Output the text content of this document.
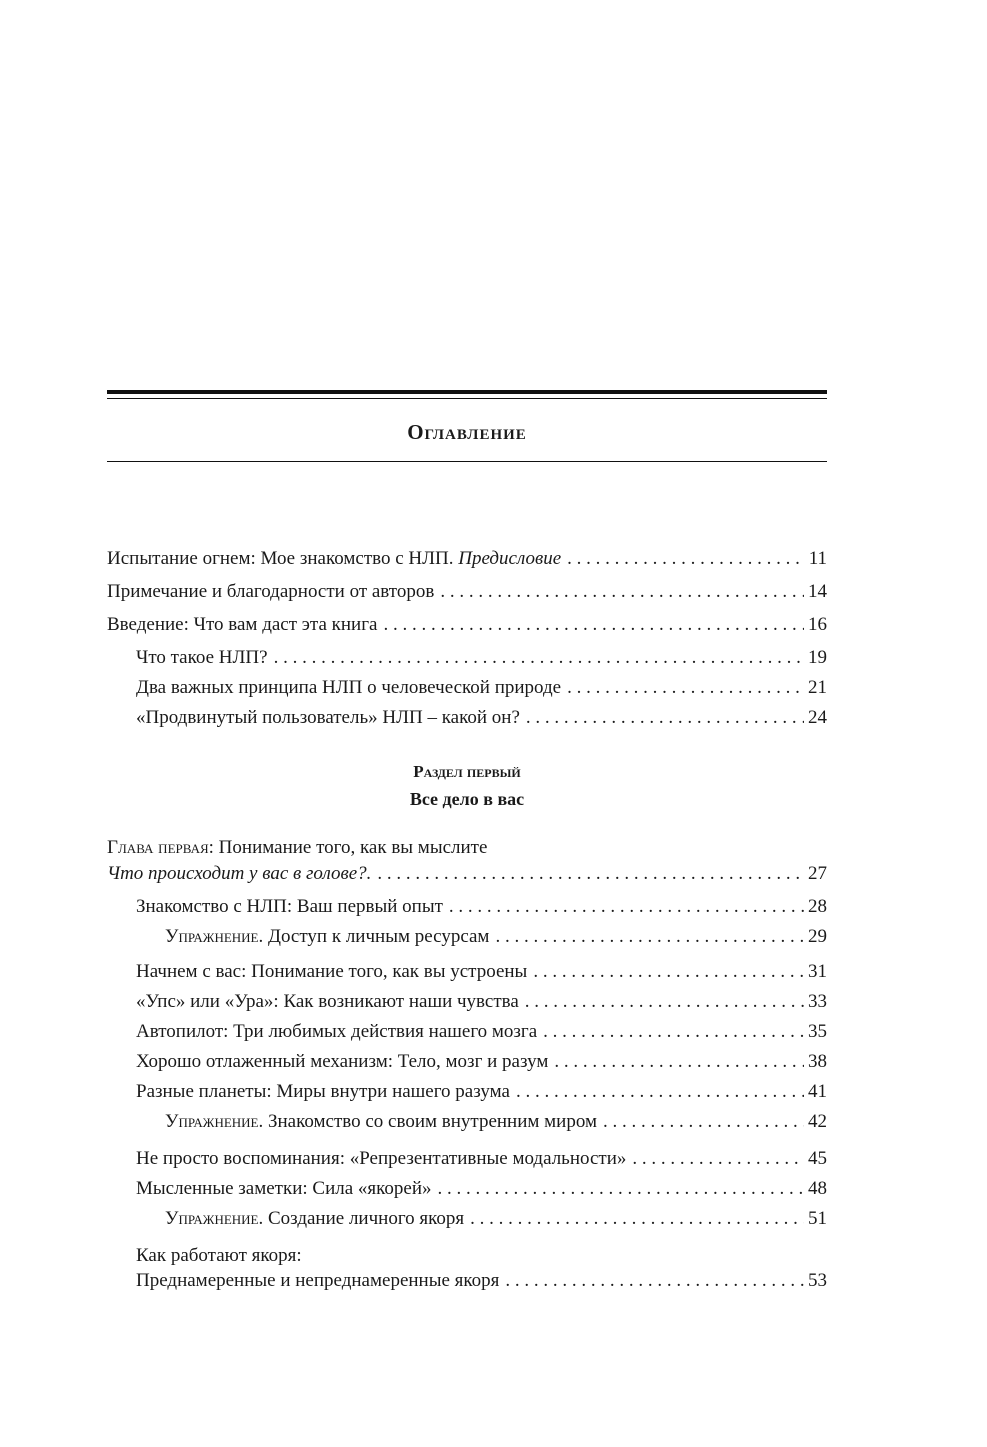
Оглавление
Испытание огнем: Мое знакомство с НЛП. Предисловие . . .	11
Примечание и благодарности от авторов . . .	14
Введение: Что вам даст эта книга . . .	16
Что такое НЛП? . . .	19
Два важных принципа НЛП о человеческой природе . . .	21
«Продвинутый пользователь» НЛП – какой он? . . .	24
Раздел первый
Все дело в вас
Глава первая: Понимание того, как вы мыслите
Что происходит у вас в голове?. . . .	27
Знакомство с НЛП: Ваш первый опыт . . .	28
Упражнение. Доступ к личным ресурсам . . .	29
Начнем с вас: Понимание того, как вы устроены . . .	31
«Упс» или «Ура»: Как возникают наши чувства . . .	33
Автопилот: Три любимых действия нашего мозга . . .	35
Хорошо отлаженный механизм: Тело, мозг и разум . . .	38
Разные планеты: Миры внутри нашего разума . . .	41
Упражнение. Знакомство со своим внутренним миром . . .	42
Не просто воспоминания: «Репрезентативные модальности» . . .	45
Мысленные заметки: Сила «якорей» . . .	48
Упражнение. Создание личного якоря . . .	51
Как работают якоря:
Преднамеренные и непреднамеренные якоря . . .	53
